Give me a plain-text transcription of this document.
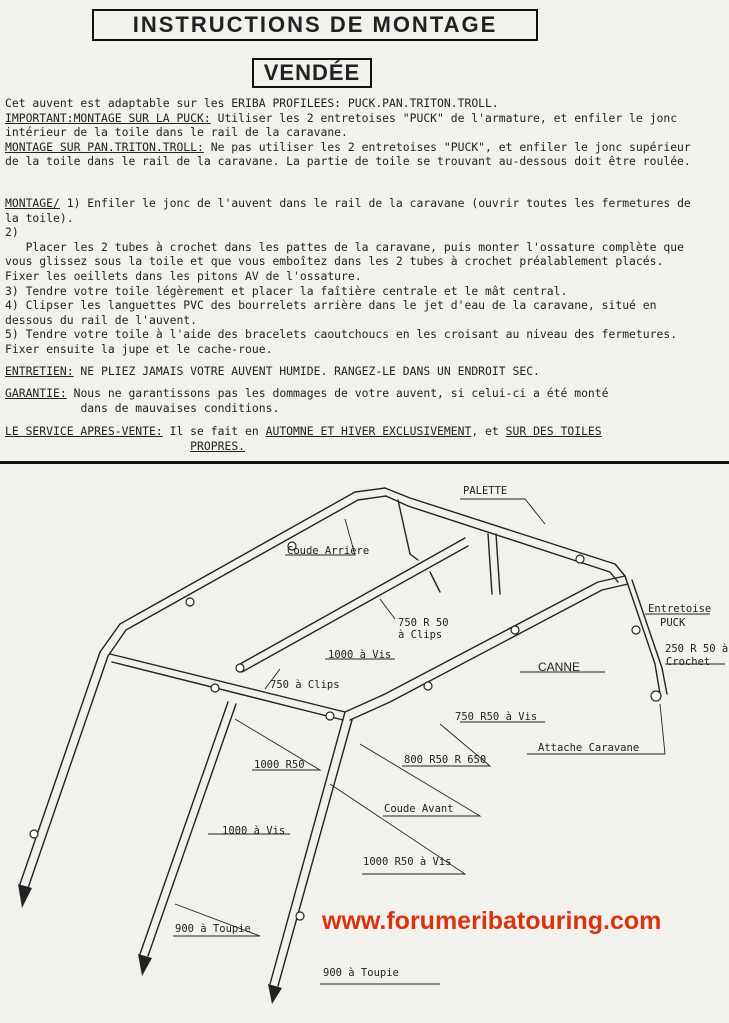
INSTRUCTIONS DE MONTAGE
VENDÉE
Cet auvent est adaptable sur les ERIBA PROFILEES: PUCK.PAN.TRITON.TROLL.
IMPORTANT:MONTAGE SUR LA PUCK: Utiliser les 2 entretoises "PUCK" de l'armature, et enfiler le jonc intérieur de la toile dans le rail de la caravane.
MONTAGE SUR PAN.TRITON.TROLL: Ne pas utiliser les 2 entretoises "PUCK", et enfiler le jonc supérieur de la toile dans le rail de la caravane. La partie de toile se trouvant au-dessous doit être roulée.
MONTAGE/ 1) Enfiler le jonc de l'auvent dans le rail de la caravane (ouvrir toutes les fermetures de la toile).
2)
Placer les 2 tubes à crochet dans les pattes de la caravane, puis monter l'ossature complète que vous glissez sous la toile et que vous emboîtez dans les 2 tubes à crochet préalablement placés. Fixer les oeillets dans les pitons AV de l'ossature.
3) Tendre votre toile légèrement et placer la faîtière centrale et le mât central.
4) Clipser les languettes PVC des bourrelets arrière dans le jet d'eau de la caravane, situé en dessous du rail de l'auvent.
5) Tendre votre toile à l'aide des bracelets caoutchoucs en les croisant au niveau des fermetures. Fixer ensuite la jupe et le cache-roue.
ENTRETIEN: NE PLIEZ JAMAIS VOTRE AUVENT HUMIDE. RANGEZ-LE DANS UN ENDROIT SEC.
GARANTIE: Nous ne garantissons pas les dommages de votre auvent, si celui-ci a été monté
dans de mauvaises conditions.
LE SERVICE APRES-VENTE: Il se fait en AUTOMNE ET HIVER EXCLUSIVEMENT, et SUR DES TOILES
PROPRES.
PALETTE
Coude Arrière
750 R 50
à Clips
1000 à Vis
750 à Clips
CANNE
Entretoise
PUCK
250 R 50 à
Crochet
750 R50 à Vis
Attache Caravane
800 R50 R 650
1000 R50
Coude Avant
1000 à Vis
1000 R50 à Vis
900 à Toupie
900 à Toupie
www.forumeribatouring.com
